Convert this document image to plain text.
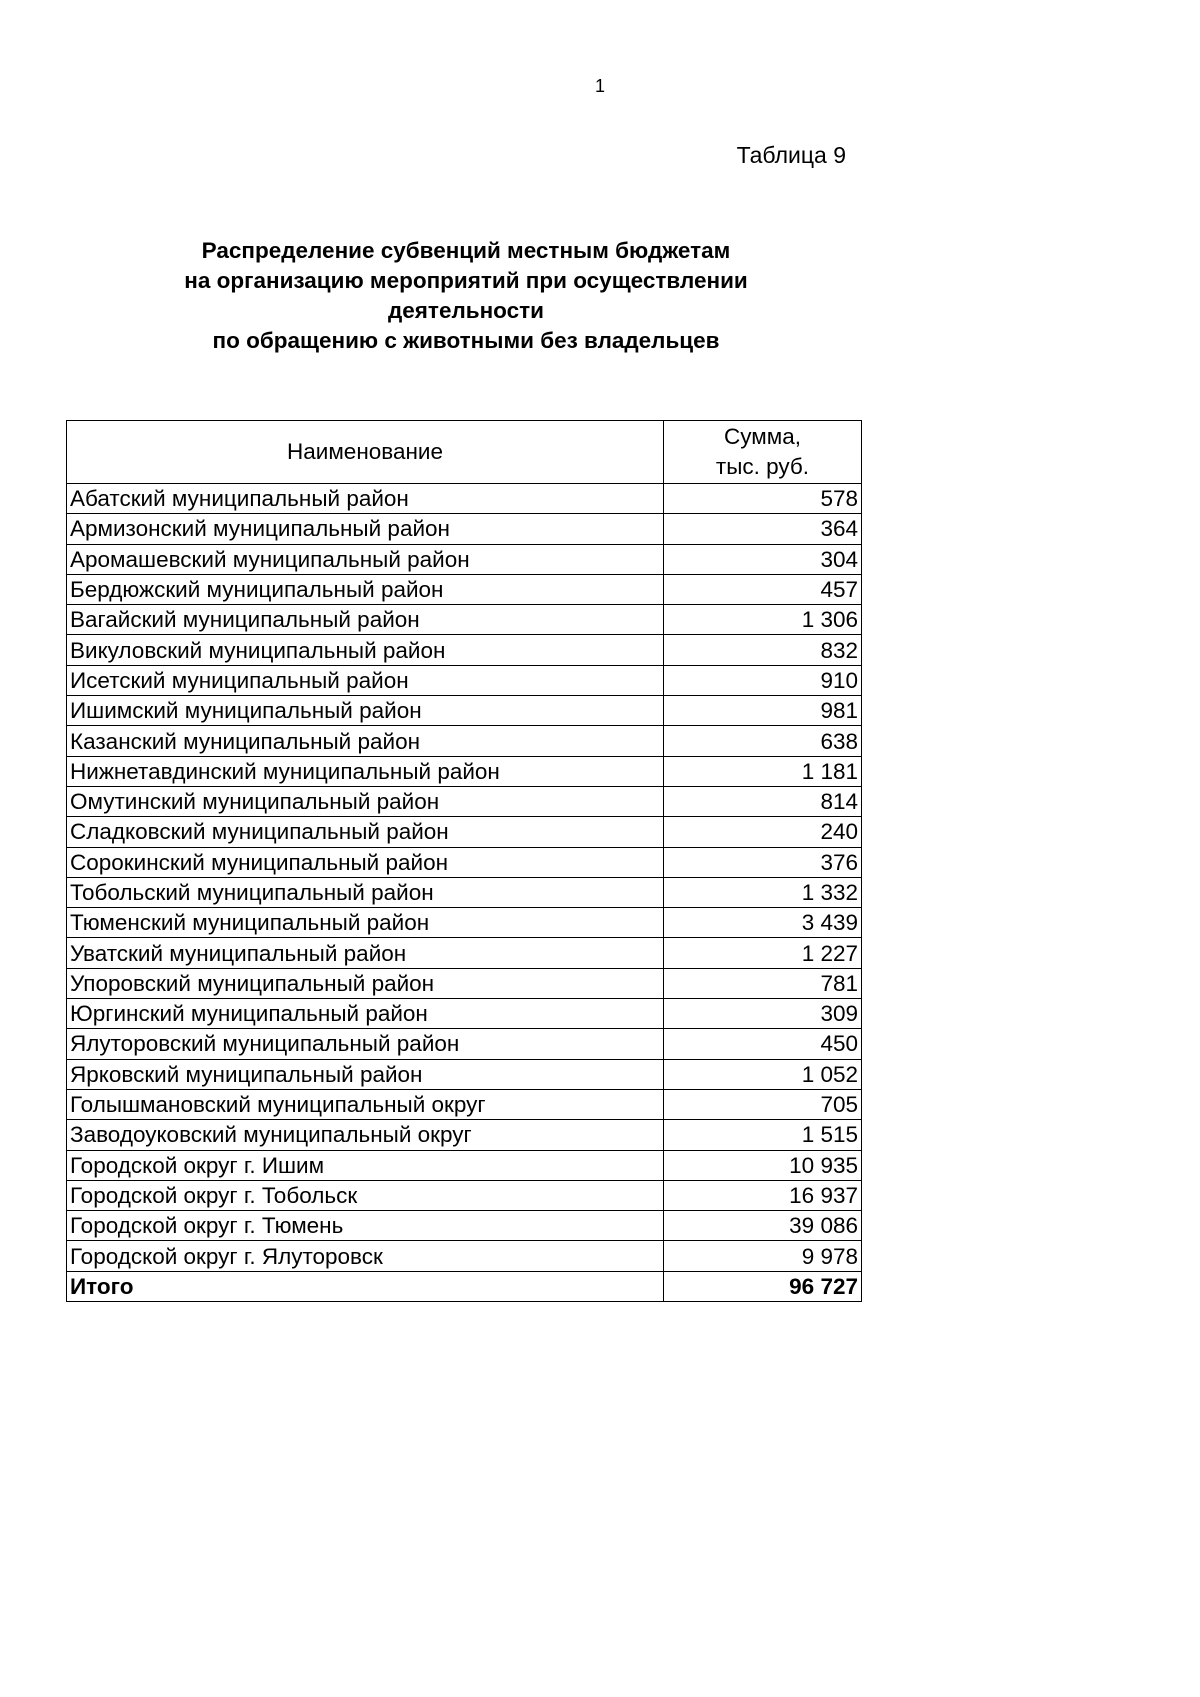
1
Таблица 9
Распределение субвенций местным бюджетам
на организацию мероприятий при осуществлении
деятельности
по обращению с животными без владельцев
Наименование	Сумма,
тыс. руб.

Абатский муниципальный район	578
Армизонский муниципальный район	364
Аромашевский муниципальный район	304
Бердюжский муниципальный район	457
Вагайский муниципальный район	1 306
Викуловский муниципальный район	832
Исетский муниципальный район	910
Ишимский муниципальный район	981
Казанский муниципальный район	638
Нижнетавдинский муниципальный район	1 181
Омутинский муниципальный район	814
Сладковский муниципальный район	240
Сорокинский муниципальный район	376
Тобольский муниципальный район	1 332
Тюменский муниципальный район	3 439
Уватский муниципальный район	1 227
Упоровский муниципальный район	781
Юргинский муниципальный район	309
Ялуторовский муниципальный район	450
Ярковский муниципальный район	1 052
Голышмановский муниципальный округ	705
Заводоуковский муниципальный округ	1 515
Городской округ г. Ишим	10 935
Городской округ г. Тобольск	16 937
Городской округ г. Тюмень	39 086
Городской округ г. Ялуторовск	9 978
Итого	96 727
